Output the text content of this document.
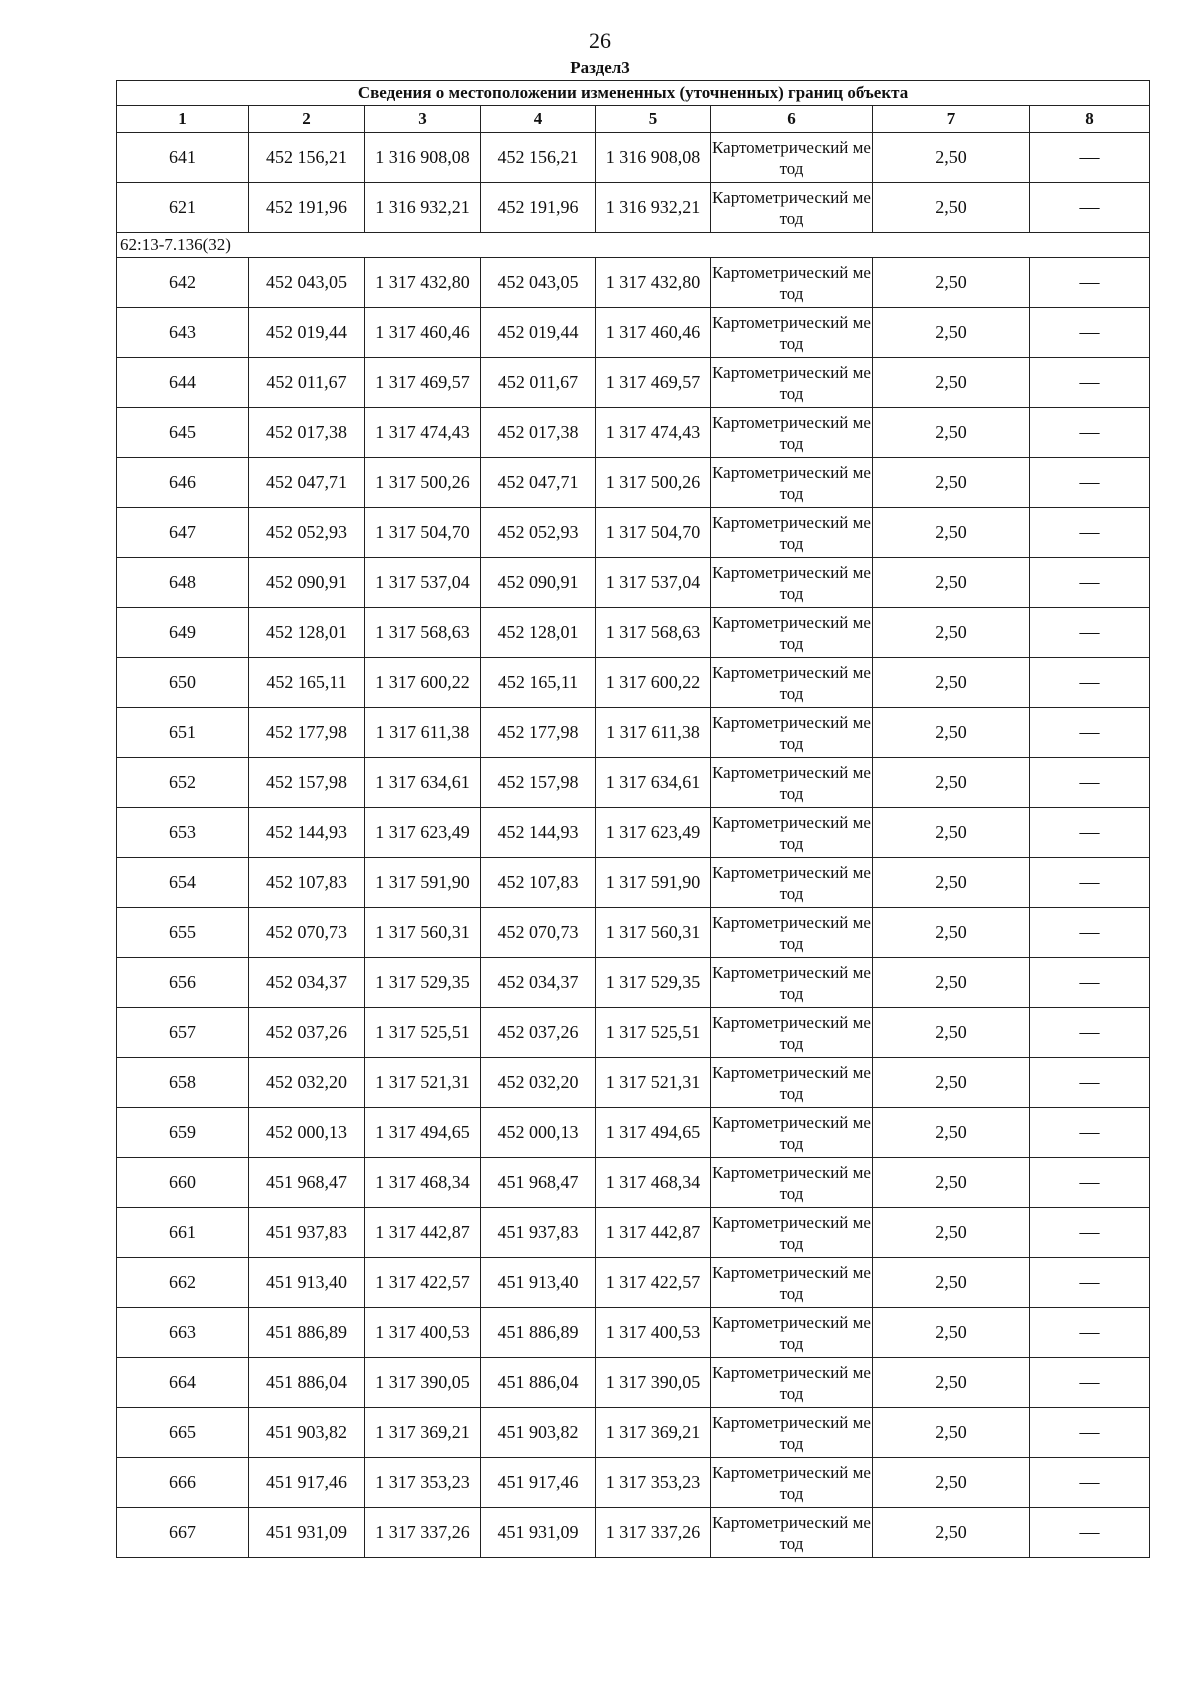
26
Раздел3
Сведения о местоположении измененных (уточненных) границ объекта							
1	2	3	4	5	6	7	8
641	452 156,21	1 316 908,08	452 156,21	1 316 908,08	Картометрический метод	2,50	—
621	452 191,96	1 316 932,21	452 191,96	1 316 932,21	Картометрический метод	2,50	—
62:13-7.136(32)							
642	452 043,05	1 317 432,80	452 043,05	1 317 432,80	Картометрический метод	2,50	—
643	452 019,44	1 317 460,46	452 019,44	1 317 460,46	Картометрический метод	2,50	—
644	452 011,67	1 317 469,57	452 011,67	1 317 469,57	Картометрический метод	2,50	—
645	452 017,38	1 317 474,43	452 017,38	1 317 474,43	Картометрический метод	2,50	—
646	452 047,71	1 317 500,26	452 047,71	1 317 500,26	Картометрический метод	2,50	—
647	452 052,93	1 317 504,70	452 052,93	1 317 504,70	Картометрический метод	2,50	—
648	452 090,91	1 317 537,04	452 090,91	1 317 537,04	Картометрический метод	2,50	—
649	452 128,01	1 317 568,63	452 128,01	1 317 568,63	Картометрический метод	2,50	—
650	452 165,11	1 317 600,22	452 165,11	1 317 600,22	Картометрический метод	2,50	—
651	452 177,98	1 317 611,38	452 177,98	1 317 611,38	Картометрический метод	2,50	—
652	452 157,98	1 317 634,61	452 157,98	1 317 634,61	Картометрический метод	2,50	—
653	452 144,93	1 317 623,49	452 144,93	1 317 623,49	Картометрический метод	2,50	—
654	452 107,83	1 317 591,90	452 107,83	1 317 591,90	Картометрический метод	2,50	—
655	452 070,73	1 317 560,31	452 070,73	1 317 560,31	Картометрический метод	2,50	—
656	452 034,37	1 317 529,35	452 034,37	1 317 529,35	Картометрический метод	2,50	—
657	452 037,26	1 317 525,51	452 037,26	1 317 525,51	Картометрический метод	2,50	—
658	452 032,20	1 317 521,31	452 032,20	1 317 521,31	Картометрический метод	2,50	—
659	452 000,13	1 317 494,65	452 000,13	1 317 494,65	Картометрический метод	2,50	—
660	451 968,47	1 317 468,34	451 968,47	1 317 468,34	Картометрический метод	2,50	—
661	451 937,83	1 317 442,87	451 937,83	1 317 442,87	Картометрический метод	2,50	—
662	451 913,40	1 317 422,57	451 913,40	1 317 422,57	Картометрический метод	2,50	—
663	451 886,89	1 317 400,53	451 886,89	1 317 400,53	Картометрический метод	2,50	—
664	451 886,04	1 317 390,05	451 886,04	1 317 390,05	Картометрический метод	2,50	—
665	451 903,82	1 317 369,21	451 903,82	1 317 369,21	Картометрический метод	2,50	—
666	451 917,46	1 317 353,23	451 917,46	1 317 353,23	Картометрический метод	2,50	—
667	451 931,09	1 317 337,26	451 931,09	1 317 337,26	Картометрический метод	2,50	—
